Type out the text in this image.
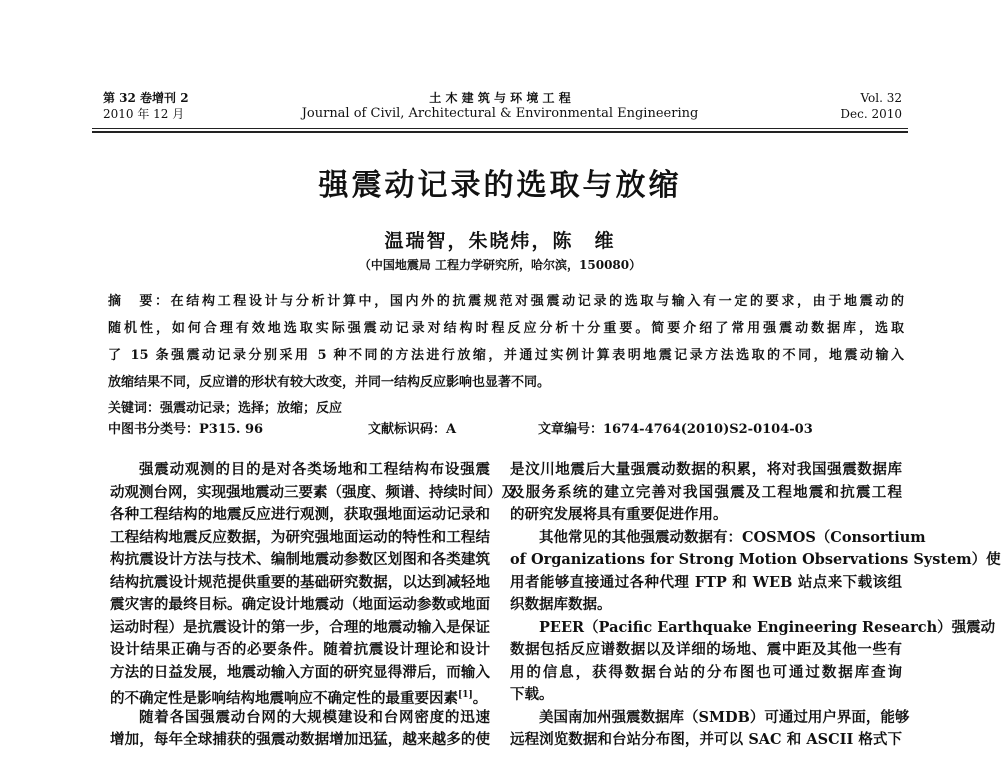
第 32 卷增刊 2
2010 年 12 月
土 木 建 筑 与 环 境 工 程
Journal of Civil, Architectural & Environmental Engineering
Vol. 32
Dec. 2010
强震动记录的选取与放缩
温瑞智，朱晓炜，陈　维
（中国地震局 工程力学研究所，哈尔滨，150080）
摘　要：在结构工程设计与分析计算中，国内外的抗震规范对强震动记录的选取与输入有一定的要求，由于地震动的
随机性，如何合理有效地选取实际强震动记录对结构时程反应分析十分重要。简要介绍了常用强震动数据库，选取
了 15 条强震动记录分别采用 5 种不同的方法进行放缩，并通过实例计算表明地震记录方法选取的不同，地震动输入
放缩结果不同，反应谱的形状有较大改变，并同一结构反应影响也显著不同。
关键词：强震动记录；选择；放缩；反应
中图书分类号：P315. 96	文献标识码：A	文章编号：1674-4764(2010)S2-0104-03
强震动观测的目的是对各类场地和工程结构布设强震
动观测台网，实现强地震动三要素（强度、频谱、持续时间）及
各种工程结构的地震反应进行观测，获取强地面运动记录和
工程结构地震反应数据，为研究强地面运动的特性和工程结
构抗震设计方法与技术、编制地震动参数区划图和各类建筑
结构抗震设计规范提供重要的基础研究数据，以达到减轻地
震灾害的最终目标。确定设计地震动（地面运动参数或地面
运动时程）是抗震设计的第一步，合理的地震动输入是保证
设计结果正确与否的必要条件。随着抗震设计理论和设计
方法的日益发展，地震动输入方面的研究显得滞后，而输入
的不确定性是影响结构地震响应不确定性的最重要因素[1]。
随着各国强震动台网的大规模建设和台网密度的迅速
增加，每年全球捕获的强震动数据增加迅猛，越来越多的使
是汶川地震后大量强震动数据的积累，将对我国强震数据库
及服务系统的建立完善对我国强震及工程地震和抗震工程
的研究发展将具有重要促进作用。
其他常见的其他强震动数据有：COSMOS（Consortium
of Organizations for Strong Motion Observations System）使
用者能够直接通过各种代理 FTP 和 WEB 站点来下载该组
织数据库数据。
PEER（Pacific Earthquake Engineering Research）强震动
数据包括反应谱数据以及详细的场地、震中距及其他一些有
用的信息，获得数据台站的分布图也可通过数据库查询
下载。
美国南加州强震数据库（SMDB）可通过用户界面，能够
远程浏览数据和台站分布图，并可以 SAC 和 ASCII 格式下
